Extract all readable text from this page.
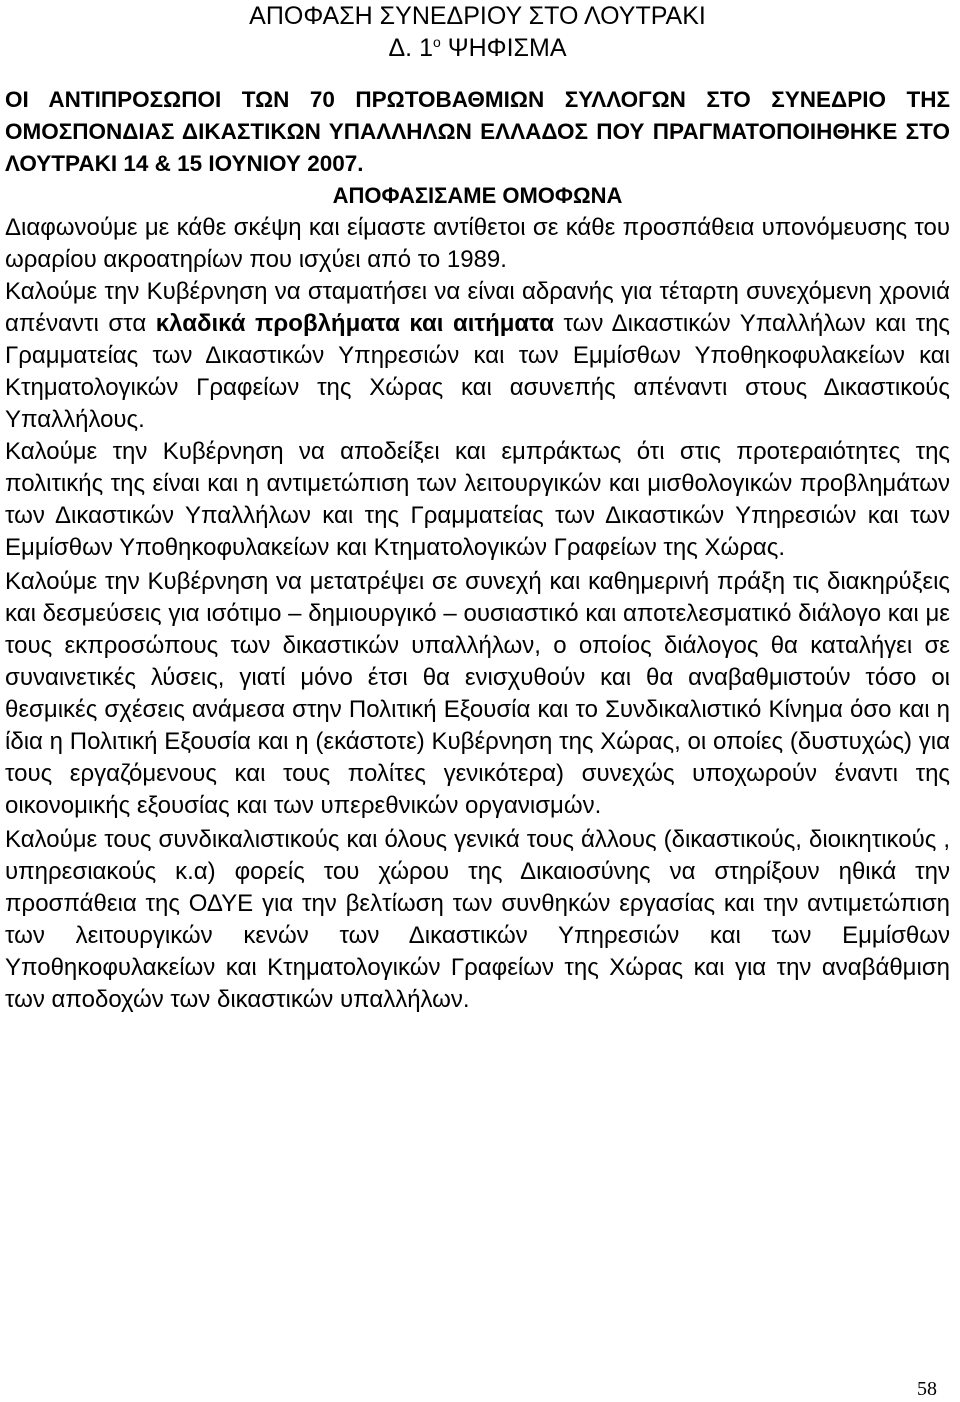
ΑΠΟΦΑΣΗ ΣΥΝΕΔΡΙΟΥ ΣΤΟ ΛΟΥΤΡΑΚΙ
Δ. $1^o$ ΨΗΦΙΣΜΑ

ΟΙ ΑΝΤΙΠΡΟΣΩΠΟΙ ΤΩΝ 70 ΠΡΩΤΟΒΑΘΜΙΩΝ ΣΥΛΛΟΓΩΝ ΣΤΟ ΣΥΝΕΔΡΙΟ ΤΗΣ ΟΜΟΣΠΟΝΔΙΑΣ ΔΙΚΑΣΤΙΚΩΝ ΥΠΑΛΛΗΛΩΝ ΕΛΛΑΔΟΣ ΠΟΥ ΠΡΑΓΜΑΤΟΠΟΙΗΘΗΚΕ ΣΤΟ ΛΟΥΤΡΑΚΙ 14 & 15 ΙΟΥΝΙΟΥ 2007.

ΑΠΟΦΑΣΙΣΑΜΕ ΟΜΟΦΩΝΑ

Διαφωνούμε με κάθε σκέψη και είμαστε αντίθετοι σε κάθε προσπάθεια υπονόμευσης του ωραρίου ακροατηρίων που ισχύει από το 1989.

Καλούμε την Κυβέρνηση να σταματήσει να είναι αδρανής για τέταρτη συνεχόμενη χρονιά απέναντι στα κλαδικά προβλήματα και αιτήματα των Δικαστικών Υπαλλήλων και της Γραμματείας των Δικαστικών Υπηρεσιών και των Εμμίσθων Υποθηκοφυλακείων και Κτηματολογικών Γραφείων της Χώρας και ασυνεπής απέναντι στους Δικαστικούς Υπαλλήλους.

Καλούμε την Κυβέρνηση να αποδείξει και εμπράκτως ότι στις προτεραιότητες της πολιτικής της είναι και η αντιμετώπιση των λειτουργικών και μισθολογικών προβλημάτων των Δικαστικών Υπαλλήλων και της Γραμματείας των Δικαστικών Υπηρεσιών και των Εμμίσθων Υποθηκοφυλακείων και Κτηματολογικών Γραφείων της Χώρας.

Καλούμε την Κυβέρνηση να μετατρέψει σε συνεχή και καθημερινή πράξη τις διακηρύξεις και δεσμεύσεις για ισότιμο – δημιουργικό – ουσιαστικό και αποτελεσματικό διάλογο και με τους εκπροσώπους των δικαστικών υπαλλήλων, ο οποίος διάλογος θα καταλήγει σε συναινετικές λύσεις, γιατί μόνο έτσι θα ενισχυθούν και θα αναβαθμιστούν τόσο οι θεσμικές σχέσεις ανάμεσα στην Πολιτική Εξουσία και το Συνδικαλιστικό Κίνημα όσο και η ίδια η Πολιτική Εξουσία και η (εκάστοτε) Κυβέρνηση της Χώρας, οι οποίες (δυστυχώς) για τους εργαζόμενους και τους πολίτες γενικότερα) συνεχώς υποχωρούν έναντι της οικονομικής εξουσίας και των υπερεθνικών οργανισμών.

Καλούμε τους συνδικαλιστικούς και όλους γενικά τους άλλους (δικαστικούς, διοικητικούς , υπηρεσιακούς κ.α) φορείς του χώρου της Δικαιοσύνης να στηρίξουν ηθικά την προσπάθεια της ΟΔΥΕ για την βελτίωση των συνθηκών εργασίας και την αντιμετώπιση των λειτουργικών κενών των Δικαστικών Υπηρεσιών και των Εμμίσθων Υποθηκοφυλακείων και Κτηματολογικών Γραφείων της Χώρας και για την αναβάθμιση των αποδοχών των δικαστικών υπαλλήλων.

58
